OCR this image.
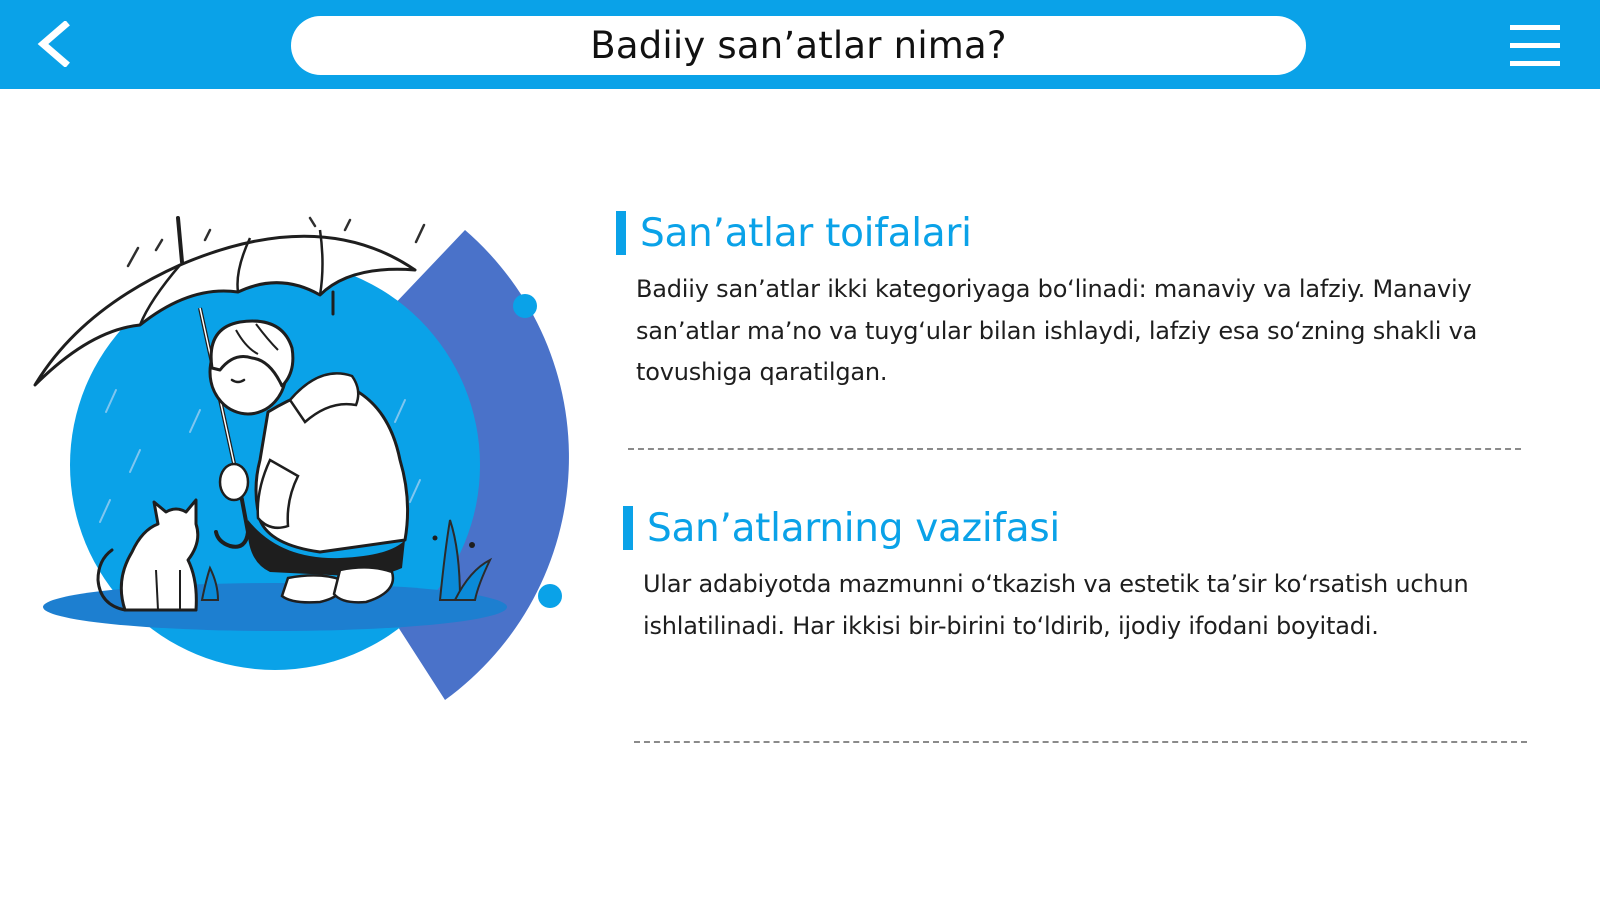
Badiiy san’atlar nima?
San’atlar toifalari

Badiiy san’atlar ikki kategoriyaga bo‘linadi: manaviy va lafziy. Manaviy san’atlar ma’no va tuyg‘ular bilan ishlaydi, lafziy esa so‘zning shakli va tovushiga qaratilgan.

San’atlarning vazifasi

Ular adabiyotda mazmunni o‘tkazish va estetik ta’sir ko‘rsatish uchun ishlatilinadi. Har ikkisi bir-birini to‘ldirib, ijodiy ifodani boyitadi.
